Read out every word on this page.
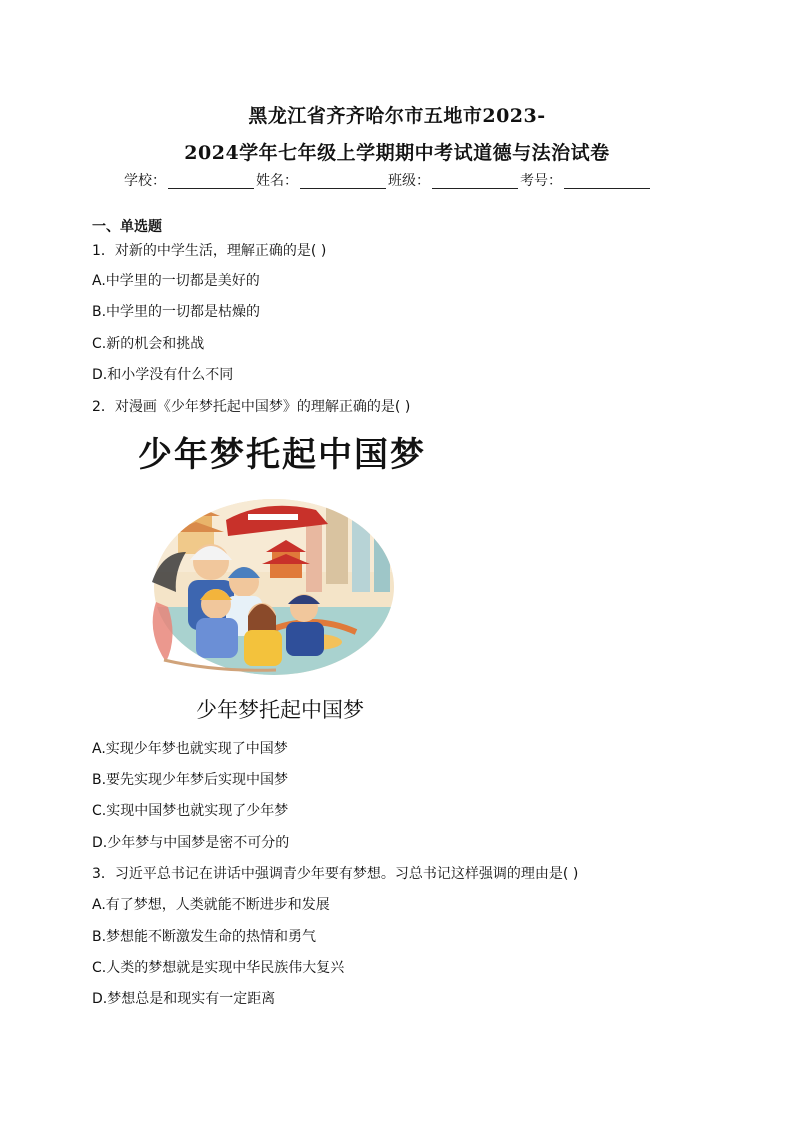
黑龙江省齐齐哈尔市五地市2023-
2024学年七年级上学期期中考试道德与法治试卷
学校：	姓名：	班级：	考号：
一、单选题
1．对新的中学生活，理解正确的是( )
A.中学里的一切都是美好的
B.中学里的一切都是枯燥的
C.新的机会和挑战
D.和小学没有什么不同
2．对漫画《少年梦托起中国梦》的理解正确的是( )
少年梦托起中国梦
少年梦托起中国梦
A.实现少年梦也就实现了中国梦
B.要先实现少年梦后实现中国梦
C.实现中国梦也就实现了少年梦
D.少年梦与中国梦是密不可分的
3．习近平总书记在讲话中强调青少年要有梦想。习总书记这样强调的理由是( )
A.有了梦想，人类就能不断进步和发展
B.梦想能不断激发生命的热情和勇气
C.人类的梦想就是实现中华民族伟大复兴
D.梦想总是和现实有一定距离
